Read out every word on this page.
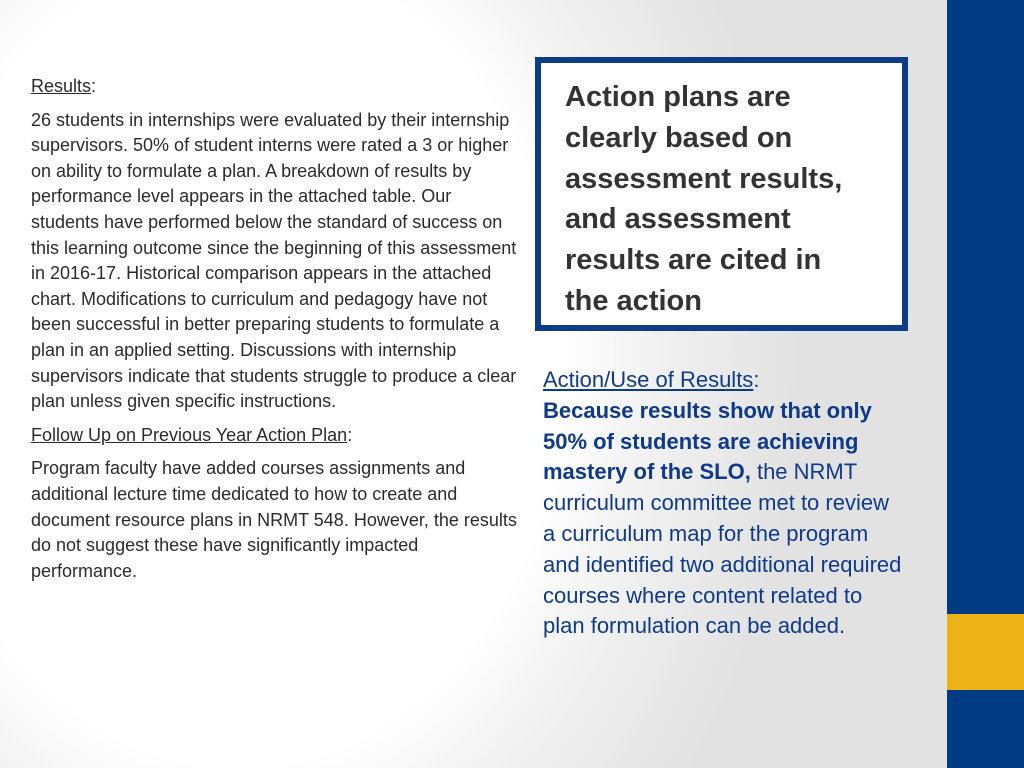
Results:

26 students in internships were evaluated by their internship supervisors. 50% of student interns were rated a 3 or higher on ability to formulate a plan. A breakdown of results by performance level appears in the attached table. Our students have performed below the standard of success on this learning outcome since the beginning of this assessment in 2016-17. Historical comparison appears in the attached chart. Modifications to curriculum and pedagogy have not been successful in better preparing students to formulate a plan in an applied setting. Discussions with internship supervisors indicate that students struggle to produce a clear plan unless given specific instructions.

Follow Up on Previous Year Action Plan:

Program faculty have added courses assignments and additional lecture time dedicated to how to create and document resource plans in NRMT 548. However, the results do not suggest these have significantly impacted performance.

Action plans are clearly based on assessment results, and assessment results are cited in the action
Action/Use of Results:
Because results show that only 50% of students are achieving mastery of the SLO, the NRMT curriculum committee met to review a curriculum map for the program and identified two additional required courses where content related to plan formulation can be added.
